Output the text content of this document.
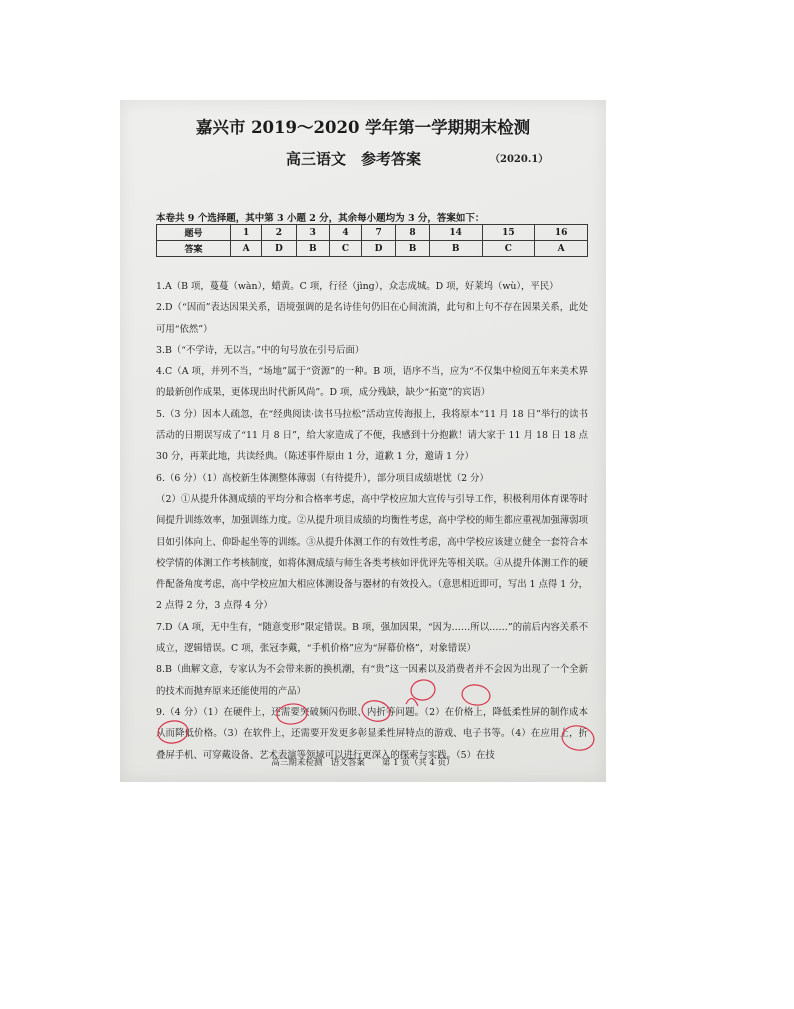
嘉兴市 2019～2020 学年第一学期期末检测
高三语文　参考答案	（2020.1）
本卷共 9 个选择题，其中第 3 小题 2 分，其余每小题均为 3 分，答案如下：
题号	1	2	3	4	7	8	14	15	16
答案	A	D	B	C	D	B	B	C	A

1.A（B 项，蔓蔓（wàn），蜡黄。C 项，行径（jìng），众志成城。D 项，好莱坞（wù），平民）

2.D（“因而”表达因果关系，语境强调的是名诗佳句仍旧在心间流淌，此句和上句不存在因果关系，此处可用“依然”）

3.B（“不学诗，无以言。”中的句号放在引号后面）

4.C（A 项，并列不当，“场地”属于“资源”的一种。B 项，语序不当，应为“不仅集中检阅五年来美术界的最新创作成果，更体现出时代新风尚”。D 项，成分残缺，缺少“拓宽”的宾语）

5.（3 分）因本人疏忽，在“经典阅读·读书马拉松”活动宣传海报上，我将原本“11 月 18 日”举行的读书活动的日期误写成了“11 月 8 日”，给大家造成了不便，我感到十分抱歉！请大家于 11 月 18 日 18 点 30 分，再莱此地，共读经典。（陈述事件原由 1 分，道歉 1 分，邀请 1 分）

6.（6 分）（1）高校新生体测整体薄弱（有待提升），部分项目成绩堪忧（2 分）

（2）①从提升体测成绩的平均分和合格率考虑，高中学校应加大宣传与引导工作，积极利用体育课等时间提升训练效率，加强训练力度。②从提升项目成绩的均衡性考虑，高中学校的师生都应重视加强薄弱项目如引体向上、仰卧起坐等的训练。③从提升体测工作的有效性考虑，高中学校应该建立健全一套符合本校学情的体测工作考核制度，如将体测成绩与师生各类考核如评优评先等相关联。④从提升体测工作的硬件配备角度考虑，高中学校应加大相应体测设备与器材的有效投入。（意思相近即可，写出 1 点得 1 分，2 点得 2 分，3 点得 4 分）

7.D（A 项，无中生有，“随意变形”限定错误。B 项，强加因果，“因为……所以……”的前后内容关系不成立，逻辑错误。C 项，张冠李戴，“手机价格”应为“屏幕价格”，对象错误）

8.B（曲解文意，专家认为不会带来新的换机潮，有“贵”这一因素以及消费者并不会因为出现了一个全新的技术而抛弃原来还能使用的产品）

9.（4 分）（1）在硬件上，还需要突破频闪伤眼、内折等问题。（2）在价格上，降低柔性屏的制作成本从而降低价格。（3）在软件上，还需要开发更多彰显柔性屏特点的游戏、电子书等。（4）在应用上，折叠屏手机、可穿戴设备、艺术表演等领域可以进行更深入的探索与实践。（5）在技

高三期末检测　语文答案　　第 1 页（共 4 页）
